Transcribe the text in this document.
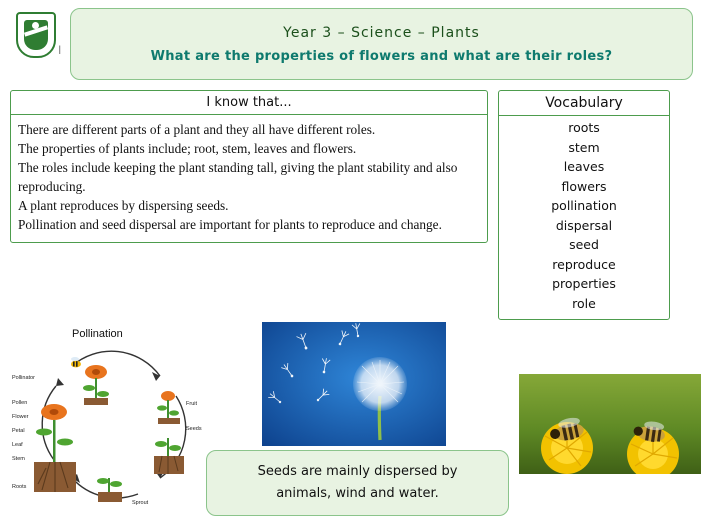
|
Year 3 – Science – Plants
What are the properties of flowers and what are their roles?
I know that...

There are different parts of a plant and they all have different roles.

The properties of plants include; root, stem, leaves and flowers.

The roles include keeping the plant standing tall, giving the plant stability and also reproducing.

A plant reproduces by dispersing seeds.

Pollination and seed dispersal are important for plants to reproduce and change.

Vocabulary
roots
stem
leaves
flowers
pollination
dispersal
seed
reproduce
properties
role
Pollination
Pollinator
Pollen
Flower
Petal
Leaf
Stem
Roots
Fruit
Seeds
Sprout
Seeds are mainly dispersed by
animals, wind and water.
